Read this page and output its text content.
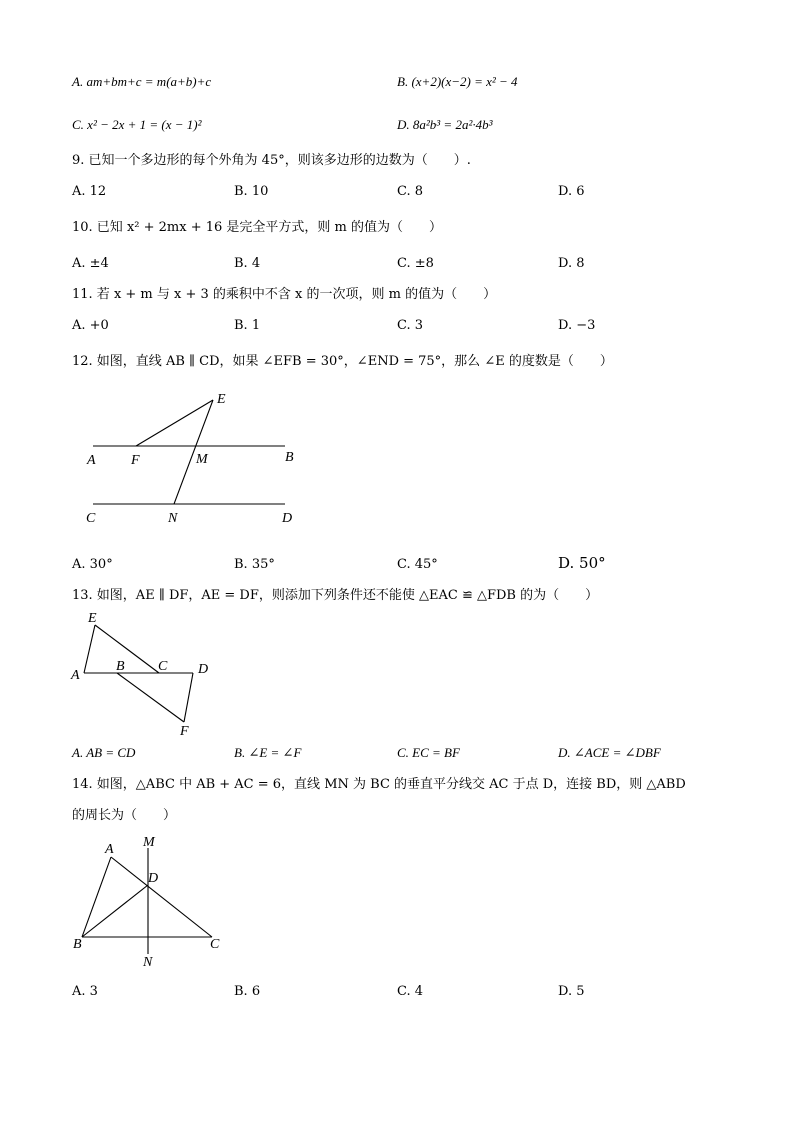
A. am+bm+c = m(a+b)+c	B. (x+2)(x−2) = x² − 4
C. x² − 2x + 1 = (x − 1)²	D. 8a²b³ = 2a²·4b³
9. 已知一个多边形的每个外角为 45°，则该多边形的边数为（　　）.
A. 12	B. 10	C. 8	D. 6
10. 已知 x² + 2mx + 16 是完全平方式，则 m 的值为（　　）
A. ±4	B. 4	C. ±8	D. 8
11. 若 x + m 与 x + 3 的乘积中不含 x 的一次项，则 m 的值为（　　）
A. +0	B. 1	C. 3	D. −3
12. 如图，直线 AB ∥ CD，如果 ∠EFB = 30°，∠END = 75°，那么 ∠E 的度数是（　　）
E
A	F	M	B
C	N	D
A. 30°	B. 35°	C. 45°	D. 50°
13. 如图，AE ∥ DF，AE = DF，则添加下列条件还不能使 △EAC ≌ △FDB 的为（　　）
E
A
B C D
F
A. AB = CD	B. ∠E = ∠F	C. EC = BF	D. ∠ACE = ∠DBF
14. 如图，△ABC 中 AB + AC = 6，直线 MN 为 BC 的垂直平分线交 AC 于点 D，连接 BD，则 △ABD
的周长为（　　）
A M
D
B	C
N
A. 3	B. 6	C. 4	D. 5
